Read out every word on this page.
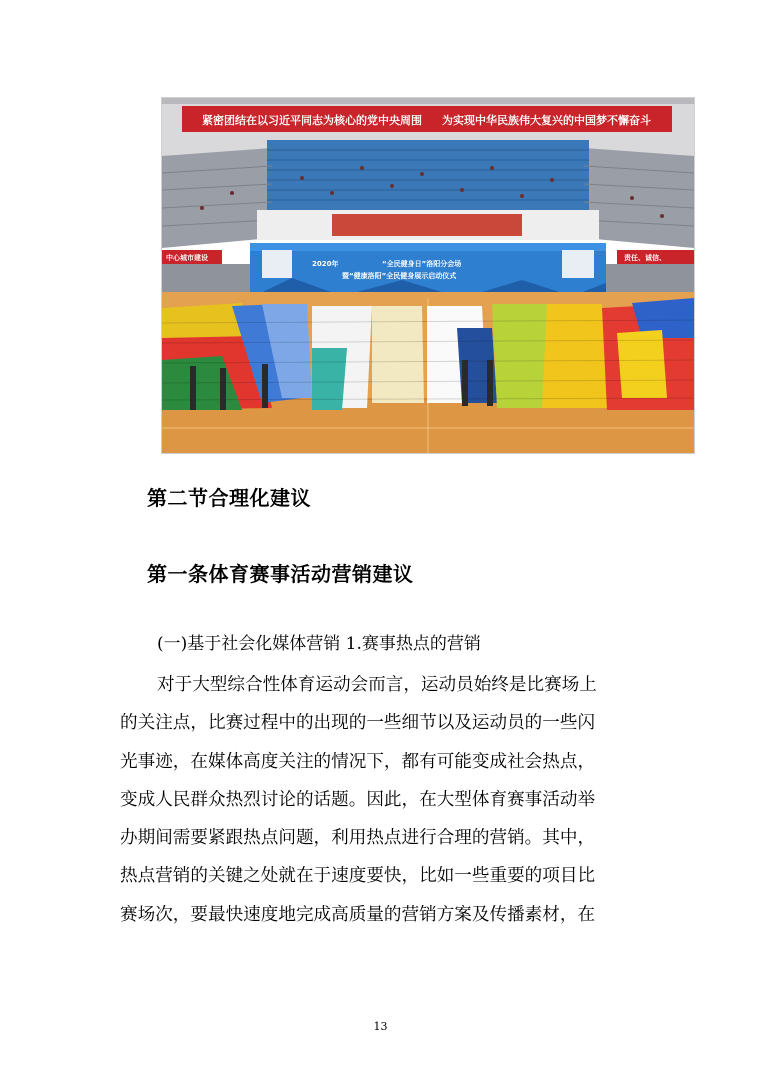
紧密团结在以习近平同志为核心的党中央周围 为实现中华民族伟大复兴的中国梦不懈奋斗
中心城市建设	责任、诚信、
2020年	“全民健身日”洛阳分会场
暨“健康洛阳”全民健身展示启动仪式
第二节合理化建议
第一条体育赛事活动营销建议
(一)基于社会化媒体营销 1.赛事热点的营销
对于大型综合性体育运动会而言，运动员始终是比赛场上
的关注点，比赛过程中的出现的一些细节以及运动员的一些闪
光事迹，在媒体高度关注的情况下，都有可能变成社会热点，
变成人民群众热烈讨论的话题。因此，在大型体育赛事活动举
办期间需要紧跟热点问题，利用热点进行合理的营销。其中，
热点营销的关键之处就在于速度要快，比如一些重要的项目比
赛场次，要最快速度地完成高质量的营销方案及传播素材，在
13
